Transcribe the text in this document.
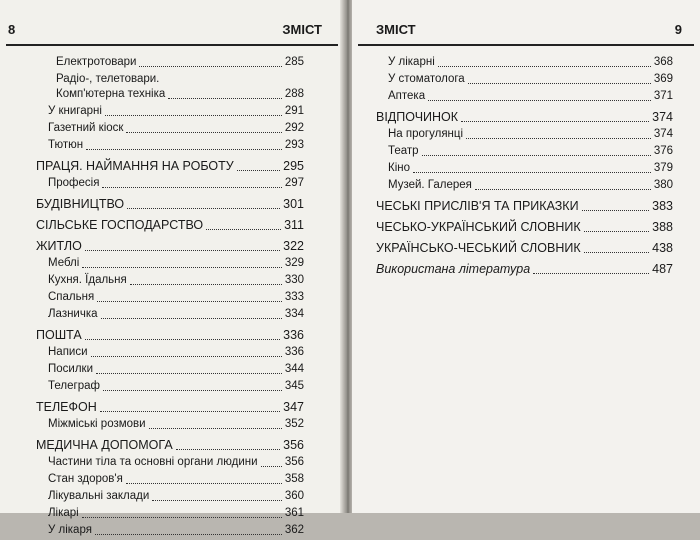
8	ЗМІСТ
Електротовари	285
Радіо-, телетовари.
Комп'ютерна техніка	288
У книгарні	291
Газетний кіоск	292
Тютюн	293
ПРАЦЯ. НАЙМАННЯ НА РОБОТУ	295
Професія	297
БУДІВНИЦТВО	301
СІЛЬСЬКЕ ГОСПОДАРСТВО	311
ЖИТЛО	322
Меблі	329
Кухня. Їдальня	330
Спальня	333
Лазничка	334
ПОШТА	336
Написи	336
Посилки	344
Телеграф	345
ТЕЛЕФОН	347
Міжміські розмови	352
МЕДИЧНА ДОПОМОГА	356
Частини тіла та основні органи людини 356
Стан здоров'я	358
Лікувальні заклади	360
Лікарі	361
У лікаря	362
ЗМІСТ	9
У лікарні	368
У стоматолога	369
Аптека	371
ВІДПОЧИНОК	374
На прогулянці	374
Театр	376
Кіно	379
Музей. Галерея	380
ЧЕСЬКІ ПРИСЛІВ'Я ТА ПРИКАЗКИ	383
ЧЕСЬКО-УКРАЇНСЬКИЙ СЛОВНИК	388
УКРАЇНСЬКО-ЧЕСЬКИЙ СЛОВНИК	438
Використана література	487
